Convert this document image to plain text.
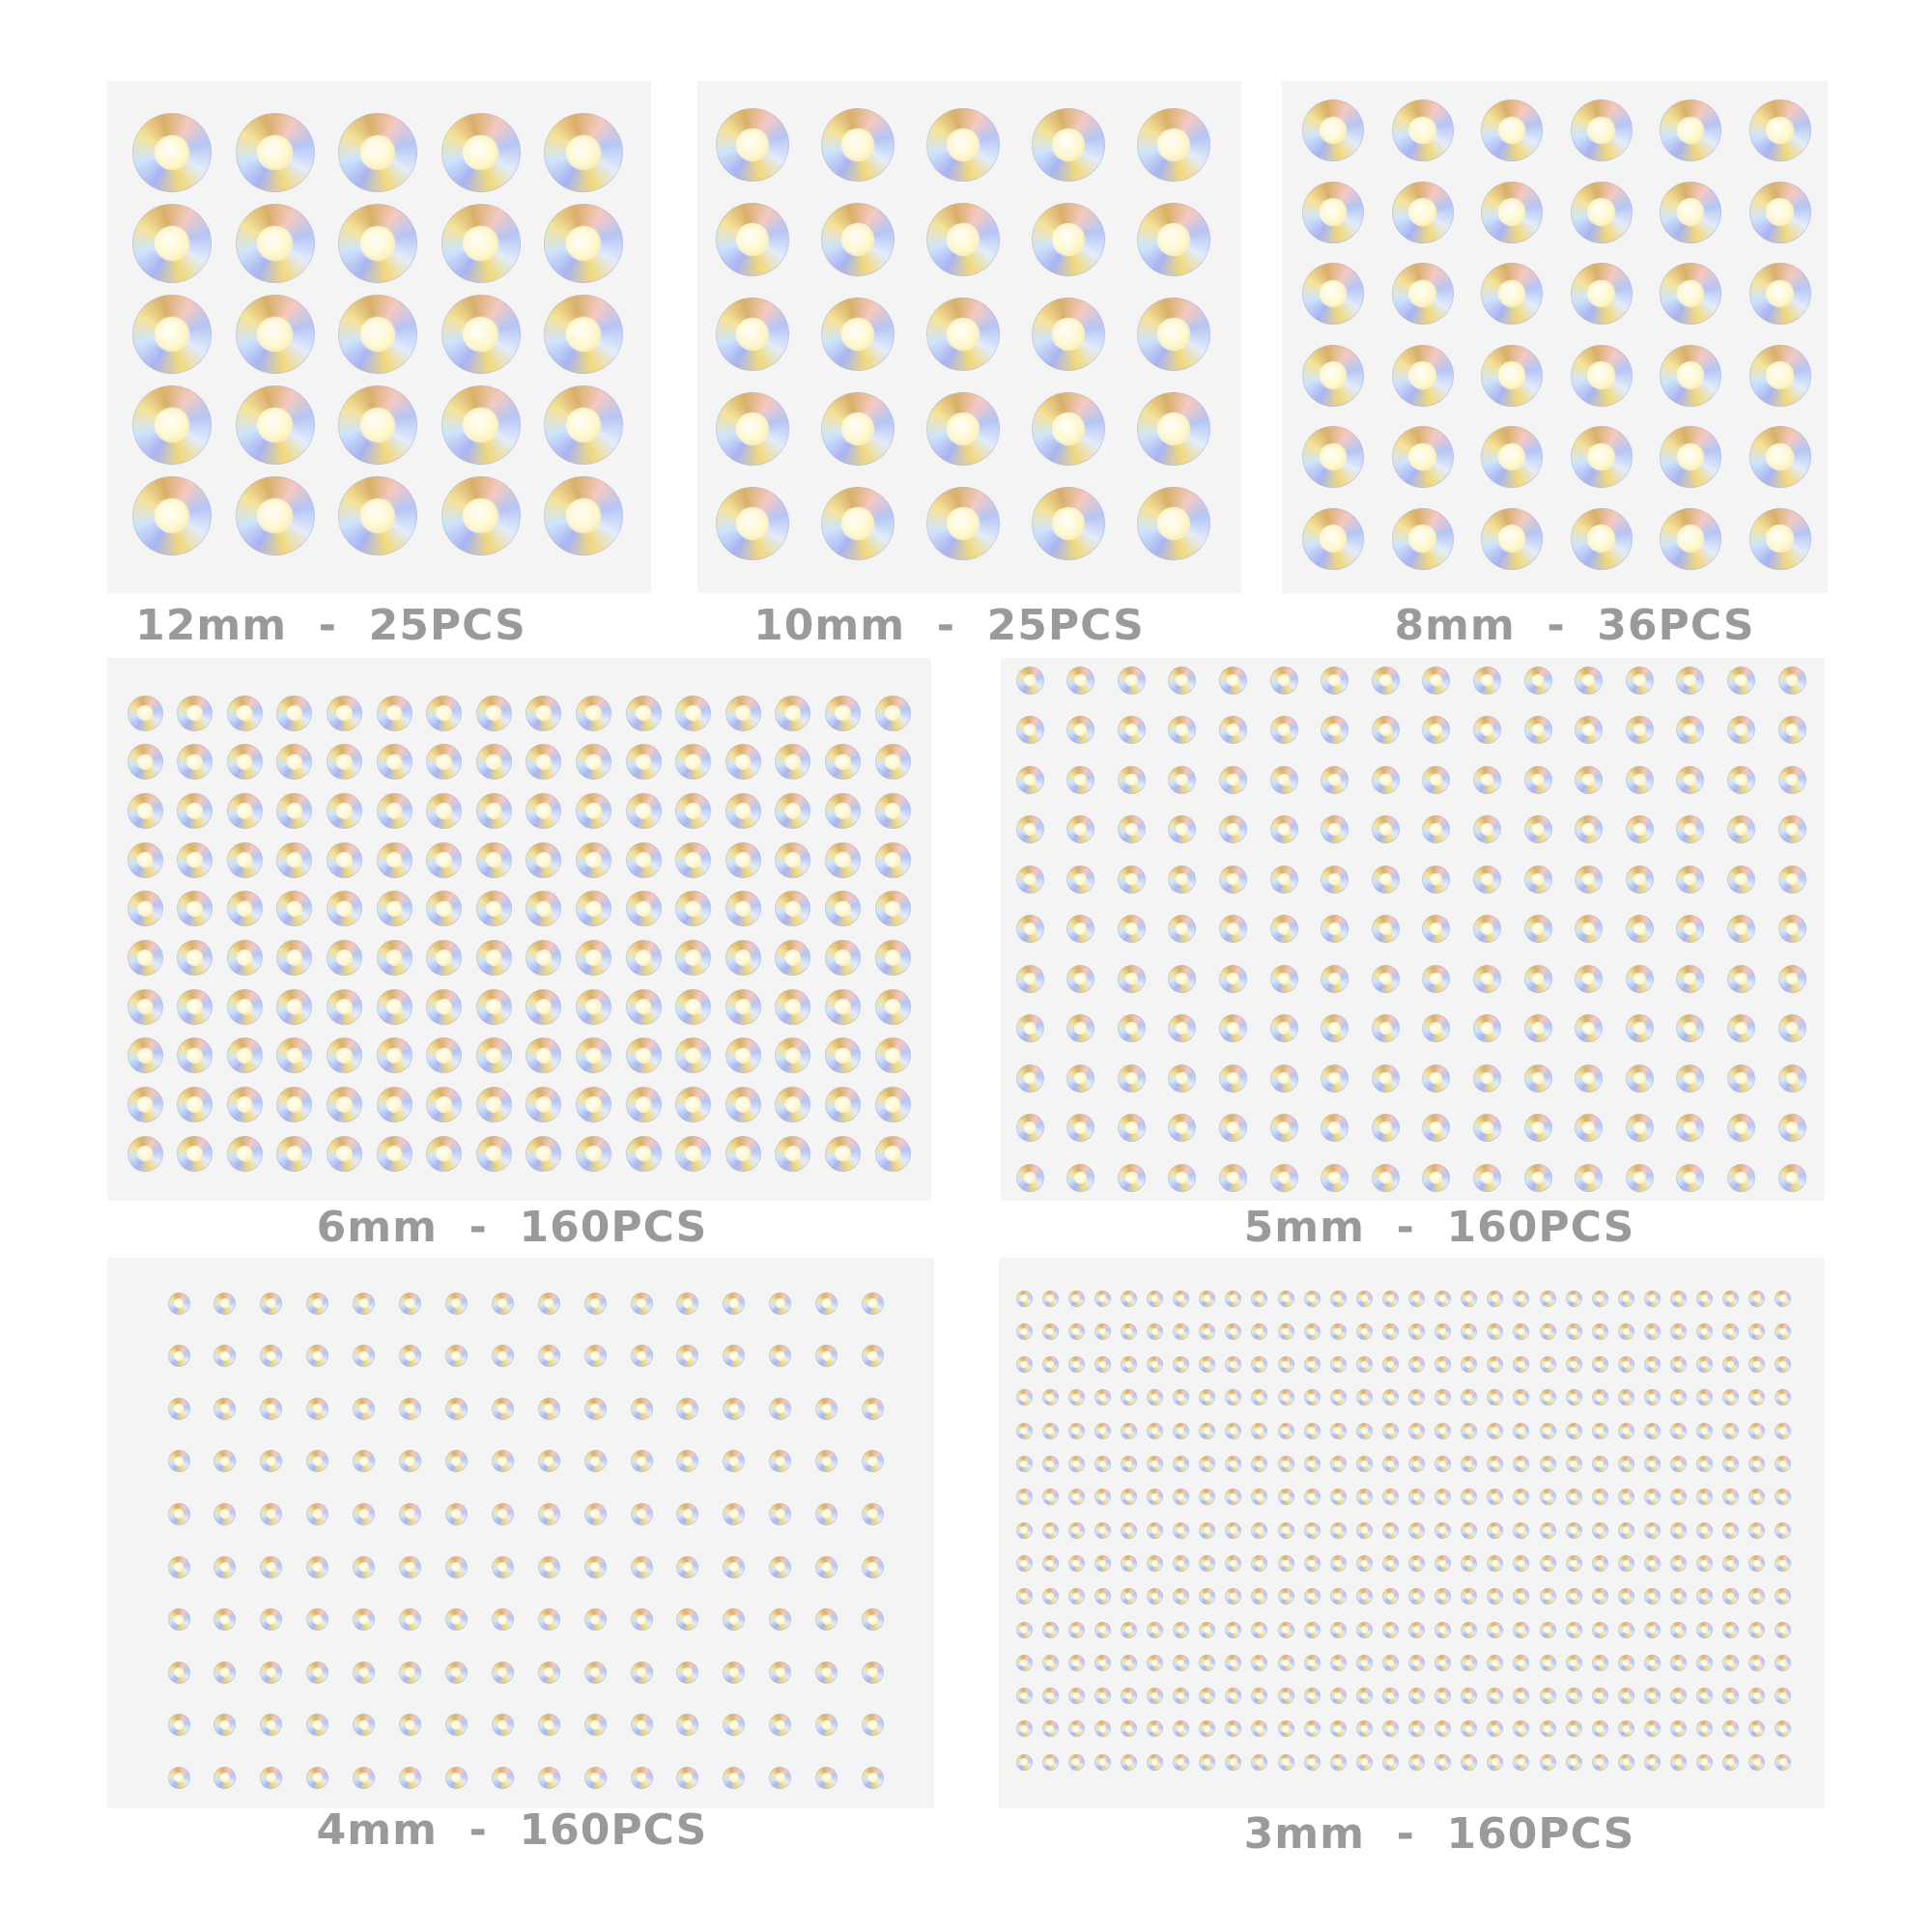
12mm  -  25PCS	10mm  -  25PCS	8mm  -  36PCS
6mm  -  160PCS	5mm  -  160PCS
4mm  -  160PCS	3mm  -  160PCS
